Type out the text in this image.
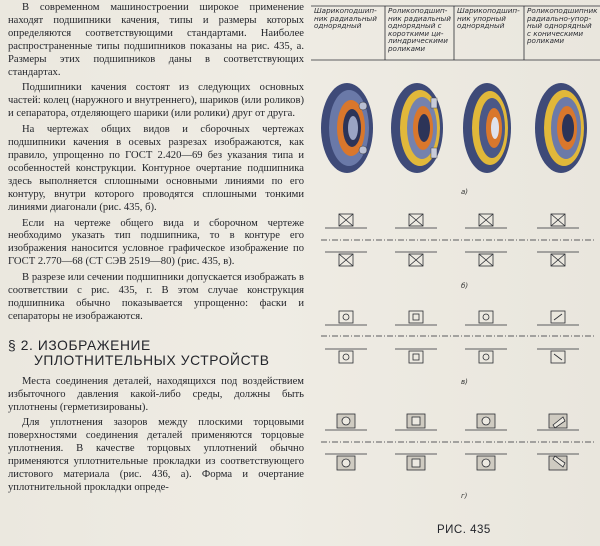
В современном машиностроении широкое применение находят подшипники качения, типы и размеры которых определяются соответствующими стандартами. Наиболее распространенные типы подшипников показаны на рис. 435, а. Размеры этих подшипников даны в соответствующих стандартах.

Подшипники качения состоят из следующих основных частей: колец (наружного и внутреннего), шариков (или роликов) и сепаратора, отделяющего шарики (или ролики) друг от друга.

На чертежах общих видов и сборочных чертежах подшипники качения в осевых разрезах изображаются, как правило, упрощенно по ГОСТ 2.420—69 без указания типа и особенностей конструкции. Контурное очертание подшипника здесь выполняется сплошными основными линиями по его контуру, внутри которого проводятся сплошными тонкими линиями диагонали (рис. 435, б).

Если на чертеже общего вида и сборочном чертеже необходимо указать тип подшипника, то в контуре его изображения наносится условное графическое изображение по ГОСТ 2.770—68 (СТ СЭВ 2519—80) (рис. 435, в).

В разрезе или сечении подшипники допускается изображать в соответствии с рис. 435, г. В этом случае конструкция подшипника обычно показывается упрощенно: фаски и сепараторы не изображаются.

§ 2. ИЗОБРАЖЕНИЕ
УПЛОТНИТЕЛЬНЫХ УСТРОЙСТВ

Места соединения деталей, находящихся под воздействием избыточного давления какой-либо среды, должны быть уплотнены (герметизированы).

Для уплотнения зазоров между плоскими торцовыми поверхностями соединения деталей применяются торцовые уплотнения. В качестве торцовых уплотнений обычно применяются уплотнительные прокладки из соответствующего листового материала (рис. 436, а). Форма и очертание уплотнительной прокладки опреде-

а)
б)
в)
г)
Шарикоподшип-
ник радиальный
однорядный
Роликоподшип-
ник радиальный
однорядный с
короткими ци-
линдрическими
роликами
Шарикоподшип-
ник упорный
однорядный
Роликоподшипник
радиально-упор-
ный однорядный
с коническими
роликами
РИС. 435
